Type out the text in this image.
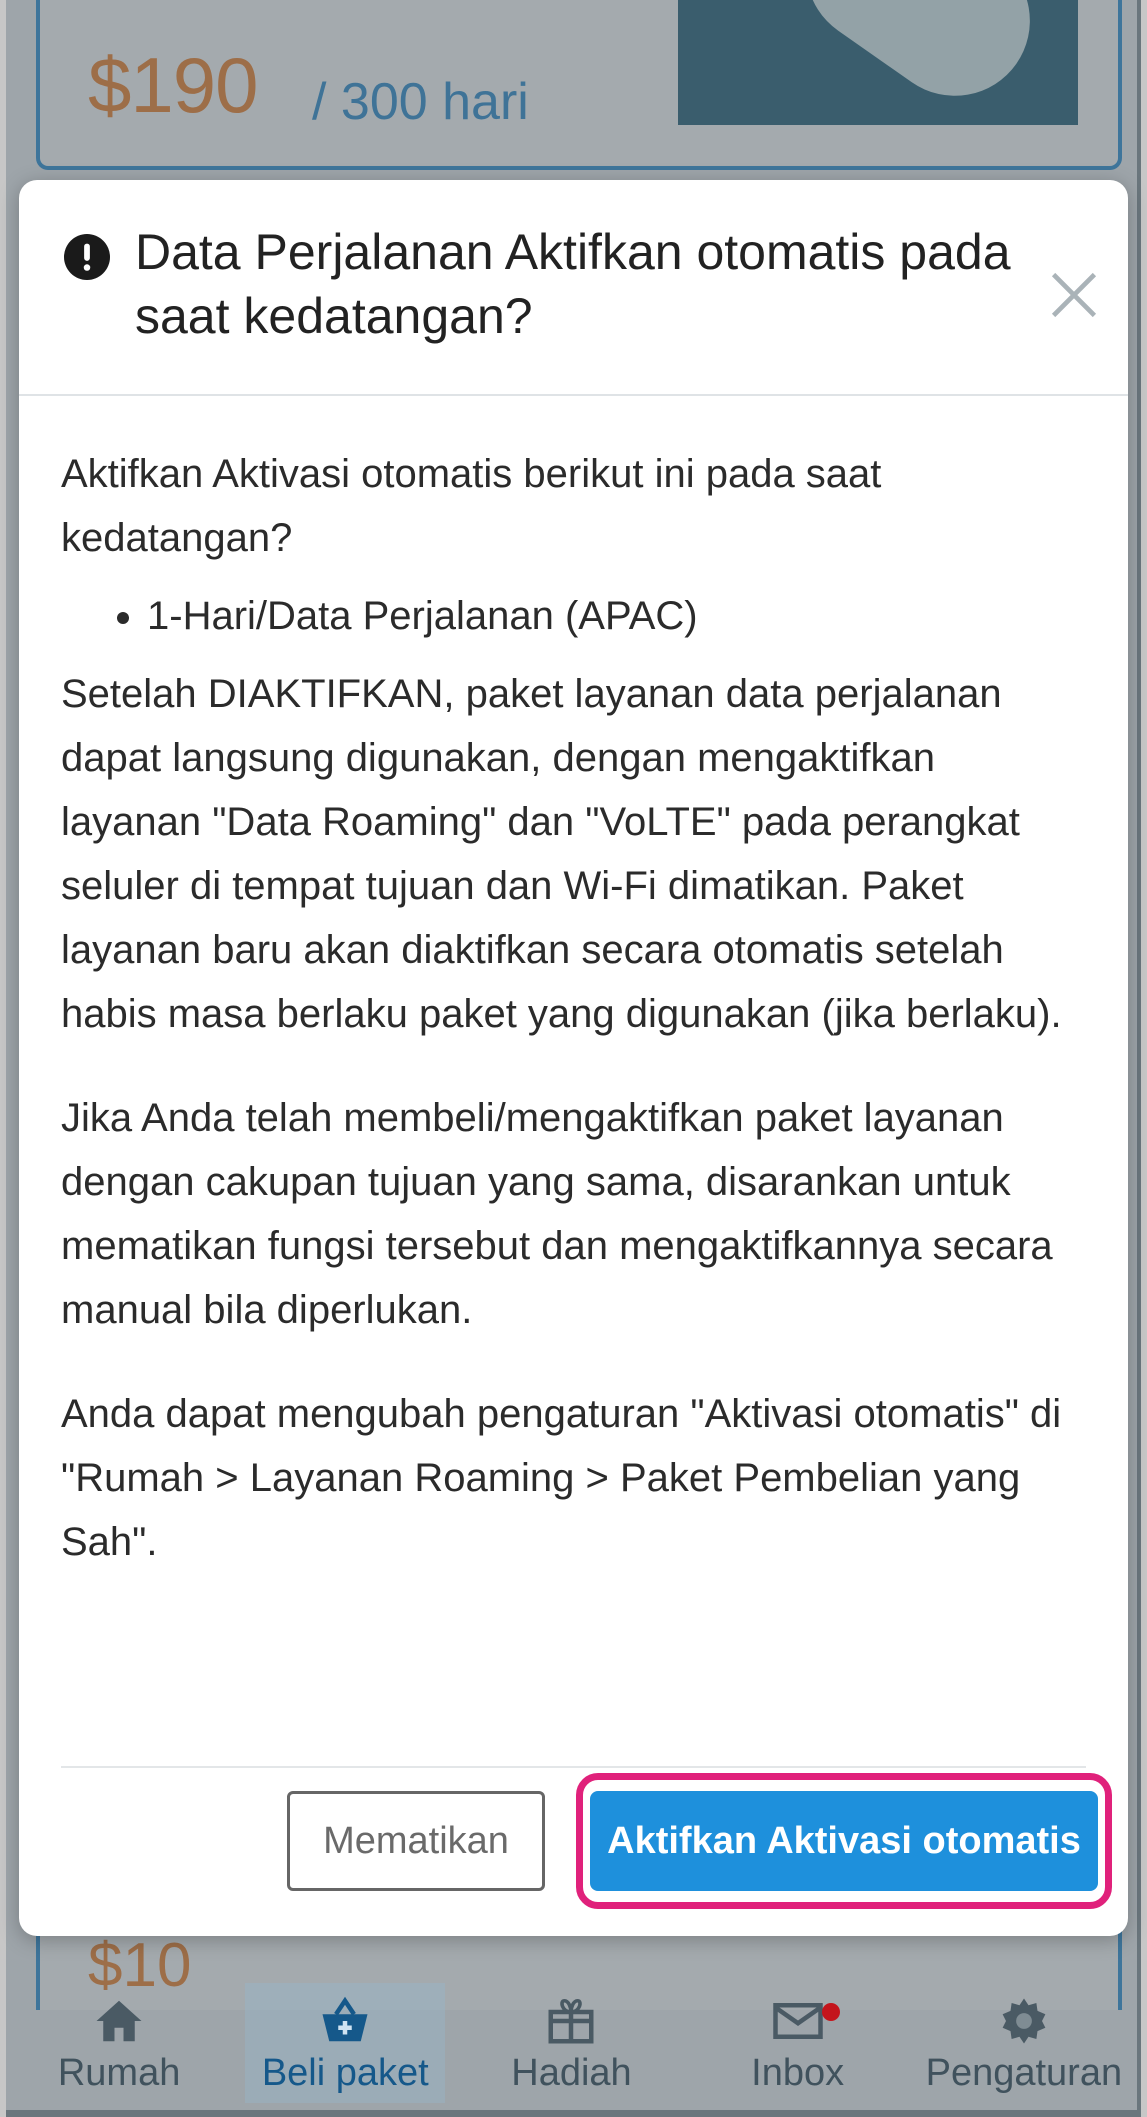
Rumah Beli paket Hadiah	Inbox Pengaturan
Data Perjalanan Aktifkan otomatis pada saat kedatangan?

Aktifkan Aktivasi otomatis berikut ini pada saat kedatangan?

• 1-Hari/Data Perjalanan (APAC)

Setelah DIAKTIFKAN, paket layanan data perjalanan dapat langsung digunakan, dengan mengaktifkan layanan "Data Roaming" dan "VoLTE" pada perangkat seluler di tempat tujuan dan Wi-Fi dimatikan. Paket layanan baru akan diaktifkan secara otomatis setelah habis masa berlaku paket yang digunakan (jika berlaku).

Jika Anda telah membeli/mengaktifkan paket layanan dengan cakupan tujuan yang sama, disarankan untuk mematikan fungsi tersebut dan mengaktifkannya secara manual bila diperlukan.

Anda dapat mengubah pengaturan "Aktivasi otomatis" di "Rumah > Layanan Roaming > Paket Pembelian yang Sah".

Mematikan	Aktifkan Aktivasi otomatis
